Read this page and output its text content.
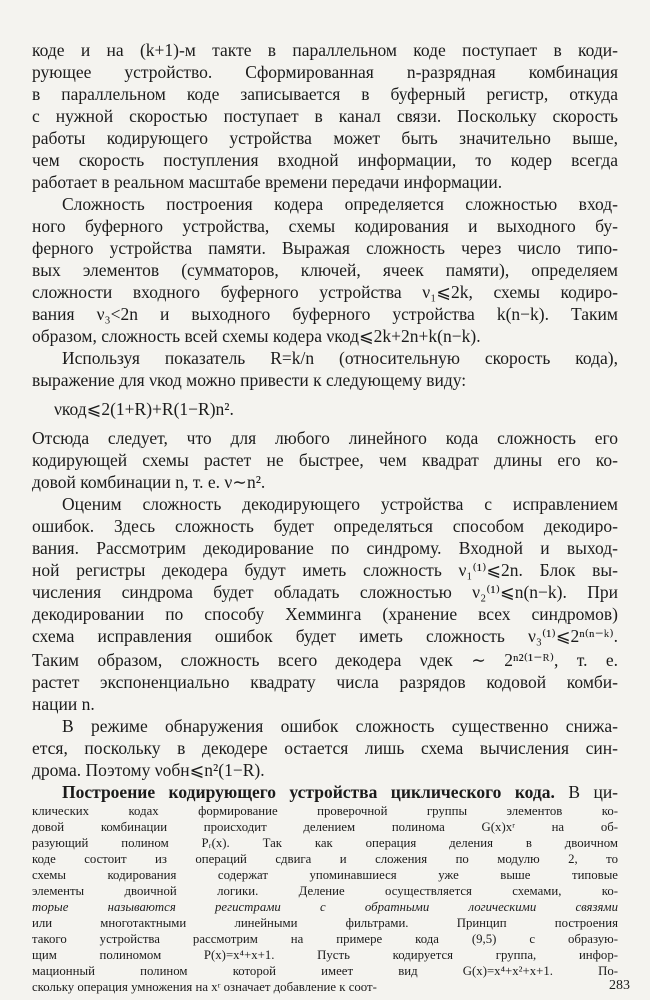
коде и на (k+1)-м такте в параллельном коде поступает в коди-
рующее устройство. Сформированная n-разрядная комбинация
в параллельном коде записывается в буферный регистр, откуда
с нужной скоростью поступает в канал связи. Поскольку скорость
работы кодирующего устройства может быть значительно выше,
чем скорость поступления входной информации, то кодер всегда
работает в реальном масштабе времени передачи информации.
Сложность построения кодера определяется сложностью вход-
ного буферного устройства, схемы кодирования и выходного бу-
ферного устройства памяти. Выражая сложность через число типо-
вых элементов (сумматоров, ключей, ячеек памяти), определяем
сложности входного буферного устройства ν₁⩽2k, схемы кодиро-
вания ν₃<2n и выходного буферного устройства k(n−k). Таким
образом, сложность всей схемы кодера νкод⩽2k+2n+k(n−k).
Используя показатель R=k/n (относительную скорость кода),
выражение для νкод можно привести к следующему виду:
νкод⩽2(1+R)+R(1−R)n².
Отсюда следует, что для любого линейного кода сложность его
кодирующей схемы растет не быстрее, чем квадрат длины его ко-
довой комбинации n, т. е. ν∼n².
Оценим сложность декодирующего устройства с исправлением
ошибок. Здесь сложность будет определяться способом декодиро-
вания. Рассмотрим декодирование по синдрому. Входной и выход-
ной регистры декодера будут иметь сложность ν₁⁽¹⁾⩽2n. Блок вы-
числения синдрома будет обладать сложностью ν₂⁽¹⁾⩽n(n−k). При
декодировании по способу Хемминга (хранение всех синдромов)
схема исправления ошибок будет иметь сложность ν₃⁽¹⁾⩽2ⁿ⁽ⁿ⁻ᵏ⁾.
Таким образом, сложность всего декодера νдек ∼ 2ⁿ²⁽¹⁻ᴿ⁾, т. е.
растет экспоненциально квадрату числа разрядов кодовой комби-
нации n.
В режиме обнаружения ошибок сложность существенно снижа-
ется, поскольку в декодере остается лишь схема вычисления син-
дрома. Поэтому νобн⩽n²(1−R).
Построение кодирующего устройства циклического кода. В ци-
клических кодах формирование проверочной группы элементов ко-
довой комбинации происходит делением полинома G(x)xʳ на об-
разующий полином Pᵣ(x). Так как операция деления в двоичном
коде состоит из операций сдвига и сложения по модулю 2, то
схемы кодирования содержат упоминавшиеся уже выше типовые
элементы двоичной логики. Деление осуществляется схемами, ко-
торые называются регистрами с обратными логическими связями
или многотактными линейными фильтрами. Принцип построения
такого устройства рассмотрим на примере кода (9,5) с образую-
щим полиномом P(x)=x⁴+x+1. Пусть кодируется группа, инфор-
мационный полином которой имеет вид G(x)=x⁴+x²+x+1. По-
скольку операция умножения на xʳ означает добавление к соот-	283
